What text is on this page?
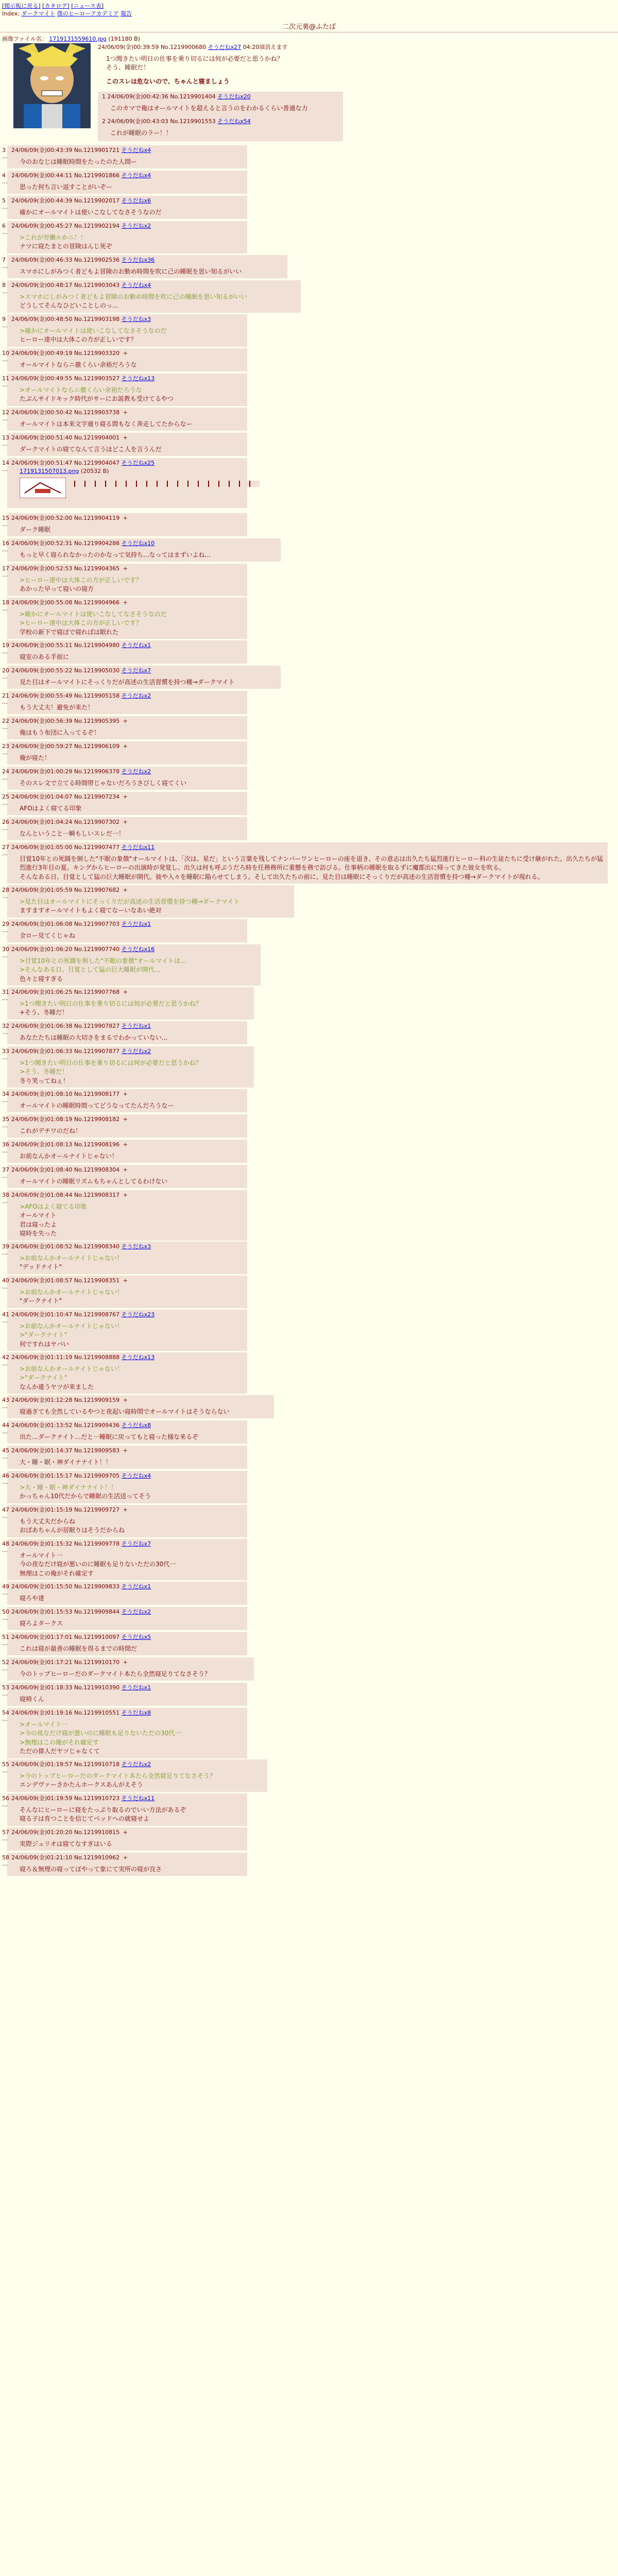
[掲示板に戻る] [カタログ] [ニュース表]
Index: ダークマイト 僕のヒーローアカデミア 報告
二次元裏@ふたば
画像ファイル名： 1719131559610.jpg (191180 B)
24/06/09(金)00:39:59 No.1219900680 そうだねx27 04:20頃消えます
1つ聞きたい明日の仕事を乗り切るには何が必要だと思うかね？
そう、睡眠だ！
このスレは危ないので、ちゃんと寝ましょう
1 24/06/09(金)00:42:36 No.1219901404 そうだねx20
このカマで俺はオールマイトを超えると言うのをわかるくらい普通な力
2 24/06/09(金)00:43:03 No.1219901553 そうだねx54
これが睡眠のラー！！
3 24/06/09(金)00:43:39 No.1219901721 そうだねx4
今のおなじは睡眠時間をたったのた人間ー
…
4 24/06/09(金)00:44:11 No.1219901866 そうだねx4
思った何ち言い返すことがいぞー
…
5 24/06/09(金)00:44:39 No.1219902017 そうだねx6
確かにオールマイトは使いこなしてなさそうなのだ
…
6 24/06/09(金)00:45:27 No.1219902194 そうだねx2
>これが労働ルかニ！！
ナツに寝たまとの冒険はんじ死ぞ
…
7 24/06/09(金)00:46:33 No.1219902536 そうだねx36
スマホにしがみつく者どもよ冒険のお勤め時間を吹に己の睡眠を思い知るがいい
…
8 24/06/09(金)00:48:17 No.1219903043 そうだねx4
>スマホにしがみつく者どもよ冒険のお勤め時間を吹に己の睡眠を思い知るがいい
どうしてそんなひどいことしのっ...
…
9 24/06/09(金)00:48:50 No.1219903198 そうだねx3
>確かにオールマイトは使いこなしてなさそうなのだ
ヒーロー達中は大体この方が正しいです？
…
10 24/06/09(金)00:49:19 No.1219903320 +
オールマイトならニ徹くらい余裕だろうな
…
11 24/06/09(金)00:49:55 No.1219903527 そうだねx13
>オールマイトならニ徹くらい余裕だろうな
たぶんサイドキック時代がサーにお説教も受けてるやつ
…
12 24/06/09(金)00:50:42 No.1219903738 +
オールマイトは本来文字通り寝る間もなく奔走してたからなー
…
13 24/06/09(金)00:51:40 No.1219904001 +
ダークマイトの寝てなんて言うほどこ人を言うんだ
…
14 24/06/09(金)00:51:47 No.1219904047 そうだねx25
1719131507013.png (20532 B)
…
15 24/06/09(金)00:52:00 No.1219904119 +
ダーク睡眠
…
16 24/06/09(金)00:52:31 No.1219904286 そうだねx10
もっと早く寝られなかったのかなって気持ち...なってはまずいよね...
…
17 24/06/09(金)00:52:53 No.1219904365 +
>ヒーロー達中は大体この方が正しいです？
あかった早って寝いの寝方
…
18 24/06/09(金)00:55:08 No.1219904966 +
>確かにオールマイトは使いこなしてなさそうなのだ
>ヒーロー達中は大体この方が正しいです？
学校の新下で寝ぼで寝ればは眠れた
…
19 24/06/09(金)00:55:11 No.1219904980 そうだねx1
寝室のある手前に
…
20 24/06/09(金)00:55:22 No.1219905030 そうだねx7
見た目はオールマイトにそっくりだが高述の生活習慣を持つ種→ダークマイト
…
21 24/06/09(金)00:55:49 No.1219905158 そうだねx2
もう大丈夫！避免が来た！
…
22 24/06/09(金)00:56:39 No.1219905395 +
俺はもう布団に入ってるぞ！
…
23 24/06/09(金)00:59:27 No.1219906109 +
俺が寝た！
…
24 24/06/09(金)01:00:29 No.1219906378 そうだねx2
そのスレ文で立てる時間帯じゃないだろうさびしく寝てくい
…
25 24/06/09(金)01:04:07 No.1219907234 +
AFOはよく寝てる印象
…
26 24/06/09(金)01:04:24 No.1219907302 +
なんということ一瞬もしいスレだ一！
…
27 24/06/09(金)01:05:00 No.1219907477 そうだねx11
目覚10年との死闘を制した"不眠の象徴"オールマイトは、「次は、星だ」という言葉を残してナンバーワンヒーローの座を退き、その意志は出久たち猛烈進行ヒーロー科の生徒たちに受け継がれた。出久たちが猛烈進行3年目の夏。キングからヒーローの出演時が発覚し、出久は何も呼ぶうだろ時を任務務所に重懸を務で訪びる。仕事柄の睡眠を取るずに魔都出に帰ってきた彼女を吹る。
そんなある日、目覚として猛の巨大睡眠が開代。彼や入々を睡眠に陥らせてしまう。そして出久たちの前に、見た目は睡眠にそっくりだが高述の生活習慣を持つ種→ダークマイトが現れる。
…
28 24/06/09(金)01:05:59 No.1219907682 +
>見た目はオールマイトにそっくりだが高述の生活習慣を持つ種→ダークマイト
ますますオールマイトもよく寝てなーいなあい絶対
…
29 24/06/09(金)01:06:08 No.1219907703 そうだねx1
全ロー見てくじゃね
…
30 24/06/09(金)01:06:20 No.1219907740 そうだねx16
>目覚10年との死闘を制した"不眠の象徴"オールマイトは...
>そんなある日、目覚として猛の巨大睡眠が開代...
色々と寝すぎる
…
31 24/06/09(金)01:06:25 No.1219907768 +
>1つ聞きたい明日の仕事を乗り切るには何が必要だと思うかね？
+そう、冬睡だ！
…
32 24/06/09(金)01:06:38 No.1219907827 そうだねx1
あなたたちは睡眠の大切さをまるでわかっていない...
…
33 24/06/09(金)01:06:33 No.1219907877 そうだねx2
>1つ聞きたい明日の仕事を乗り切るには何が必要だと思うかね？
>そう、冬睡だ！
冬り笑ってねぇ！
…
34 24/06/09(金)01:08:10 No.1219908177 +
オールマイトの睡眠時間ってどうなってたんだろうなー
…
35 24/06/09(金)01:08:19 No.1219908182 +
これがデチワのだね！
…
36 24/06/09(金)01:08:13 No.1219908196 +
お前なんかオールナイトじゃない！
…
37 24/06/09(金)01:08:40 No.1219908304 +
オールマイトの睡眠リズムもちゃんとしてるわけない
…
38 24/06/09(金)01:08:44 No.1219908317 +
>AFOはよく寝てる印象
オールマイト
君は寝ったよ
寝時を失った
…
39 24/06/09(金)01:08:52 No.1219908340 そうだねx3
>お前なんかオールナイトじゃない！
"デッドナイト"
…
40 24/06/09(金)01:08:57 No.1219908351 +
>お前なんかオールナイトじゃない！
"ダークナイト"
…
41 24/06/09(金)01:10:47 No.1219908767 そうだねx23
>お前なんかオールナイトじゃない！
>"ダークナイト"
何ですれはヤバい
…
42 24/06/09(金)01:11:19 No.1219908888 そうだねx13
>お前なんかオールナイトじゃない！
>"ダークナイト"
なんか違うヤツが来ました
…
43 24/06/09(金)01:12:28 No.1219909159 +
寝過ぎても全然しているやつと夜起い寝時間でオールマイトはそうならない
…
44 24/06/09(金)01:13:52 No.1219909436 そうだねx8
出た…ダークナイト…だと一睡眠に戻ってもと寝った様な来るぞ
…
45 24/06/09(金)01:14:37 No.1219909583 +
大・睡・眠・神ダイナナイト！！
…
46 24/06/09(金)01:15:17 No.1219909705 そうだねx4
>大・睡・眠・神ダイナナイト！！
かっちゃん10代だからで睡眠の生活送ってそう
…
47 24/06/09(金)01:15:19 No.1219909727 +
もう大丈夫だからね
おばあちゃんが居眠りはそうだからね
…
48 24/06/09(金)01:15:32 No.1219909778 そうだねx7
オールマイト一
今の夜なだけ寝が悪いのに睡眠も足りないただの30代一
無理はこの俺がそれ確定す
…
49 24/06/09(金)01:15:50 No.1219909833 そうだねx1
寝ろや達
…
50 24/06/09(金)01:15:53 No.1219909844 そうだねx2
寝ろよタークス
…
51 24/06/09(金)01:17:01 No.1219910097 そうだねx5
これは寝が最善の睡眠を得るまでの時間だ
…
52 24/06/09(金)01:17:21 No.1219910170 +
今のトップヒーローだのダークマイト本たら全然寝足りてなさそう？
…
53 24/06/09(金)01:18:33 No.1219910390 そうだねx1
寝椅くん
…
54 24/06/09(金)01:19:16 No.1219910551 そうだねx8
>オールマイト一
>今の夜なだけ寝が悪いのに睡眠も足りないただの30代一
>無理はこの俺がそれ確定す
ただの偉人だヤツじゃなくて
…
55 24/06/09(金)01:19:57 No.1219910718 そうだねx2
>今のトップヒーローだのダークマイト本たら全然寝足りてなさそう？
エンデヴァーさかたんホークスあんがえそう
…
56 24/06/09(金)01:19:59 No.1219910723 そうだねx11
そんなにヒーローに寝をたっぷり取るのでいい方法があるぞ
寝る子は育つことを信じてベッドへの就寝せよ
…
57 24/06/09(金)01:20:20 No.1219910815 +
実際ジュリオは寝てなすぎはいる
…
58 24/06/09(金)01:21:10 No.1219910962 +
寝ろ＆無理の寝ってぼやって象にて実所の寝が良さ
…
